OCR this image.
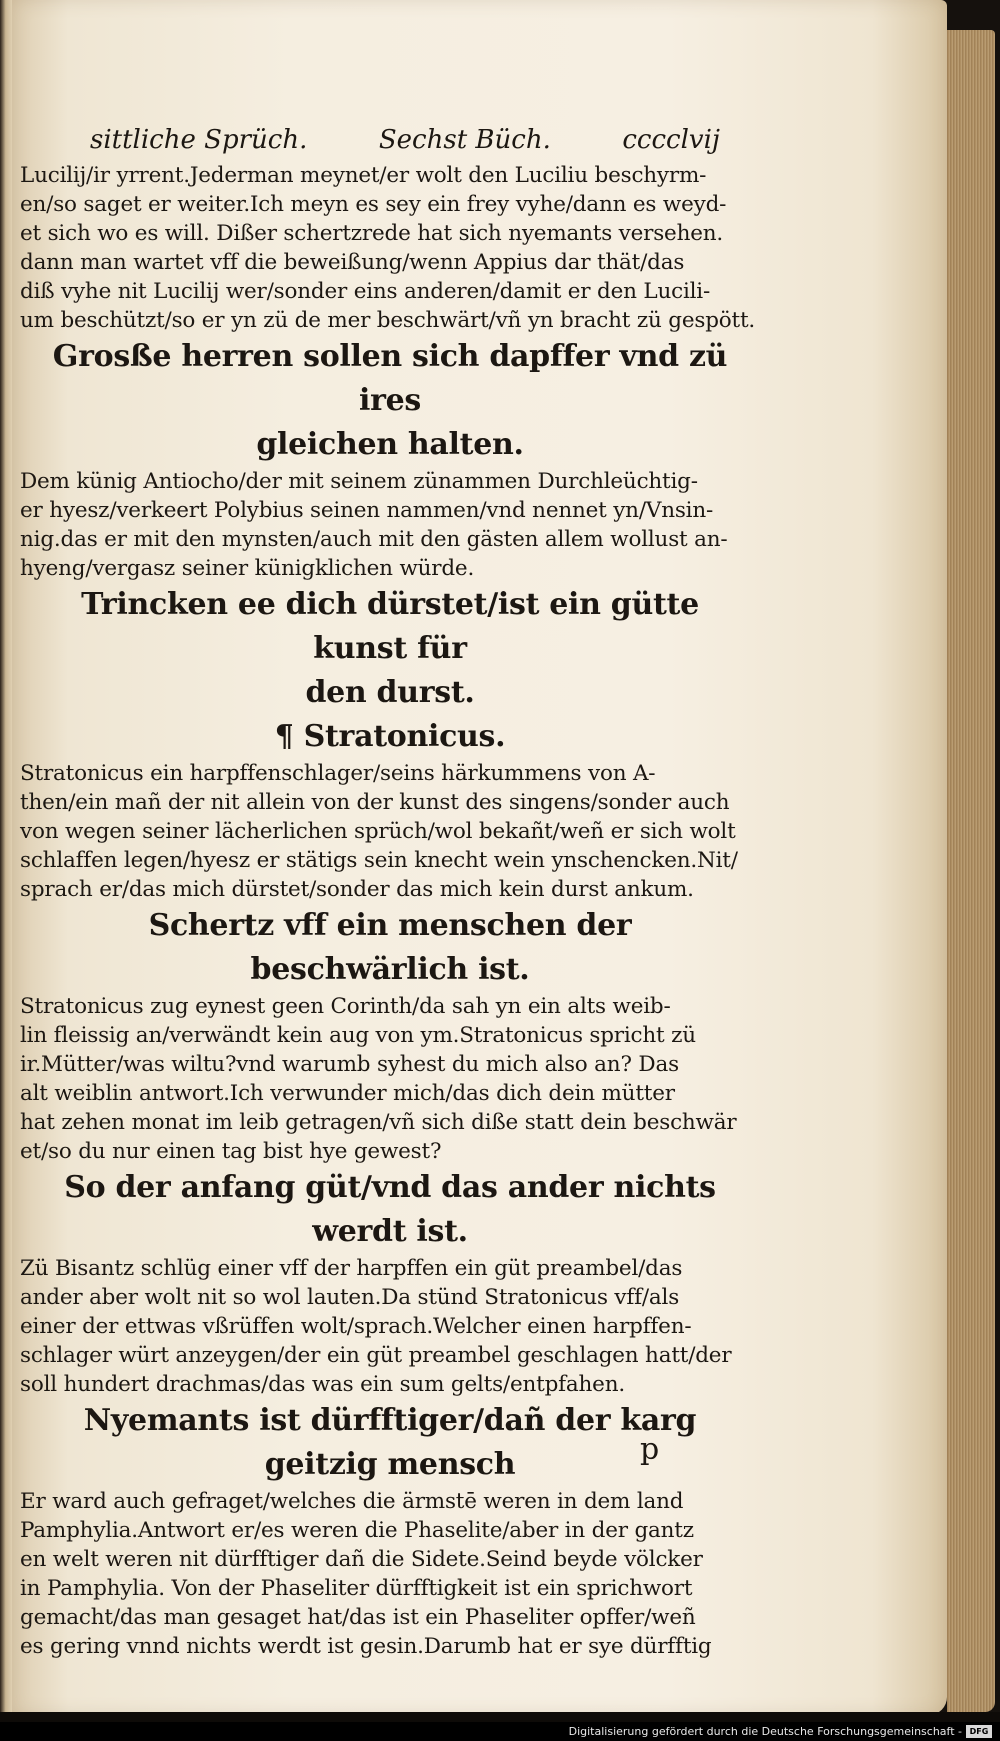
sittliche Sprüch.	Sechst Büch.	cccclvij
Lucilij/ir yrrent.Jederman meynet/er wolt den Luciliu beschyrm-
en/so saget er weiter.Ich meyn es sey ein frey vyhe/dann es weyd-
et sich wo es will. Dißer schertzrede hat sich nyemants versehen.
dann man wartet vff die beweißung/wenn Appius dar thät/das
diß vyhe nit Lucilij wer/sonder eins anderen/damit er den Lucili-
um beschützt/so er yn zü de mer beschwärt/vñ yn bracht zü gespött.
Grosße herren sollen sich dapffer vnd zü ires
gleichen halten.
Dem künig Antiocho/der mit seinem zünammen Durchleüchtig-
er hyesz/verkeert Polybius seinen nammen/vnd nennet yn/Vnsin-
nig.das er mit den mynsten/auch mit den gästen allem wollust an-
hyeng/vergasz seiner künigklichen würde.
Trincken ee dich dürstet/ist ein gütte kunst für
den durst.
¶ Stratonicus.
Stratonicus ein harpffenschlager/seins härkummens von A-
then/ein mañ der nit allein von der kunst des singens/sonder auch
von wegen seiner lächerlichen sprüch/wol bekañt/weñ er sich wolt
schlaffen legen/hyesz er stätigs sein knecht wein ynschencken.Nit/
sprach er/das mich dürstet/sonder das mich kein durst ankum.
Schertz vff ein menschen der beschwärlich ist.
Stratonicus zug eynest geen Corinth/da sah yn ein alts weib-
lin fleissig an/verwändt kein aug von ym.Stratonicus spricht zü
ir.Mütter/was wiltu?vnd warumb syhest du mich also an? Das
alt weiblin antwort.Ich verwunder mich/das dich dein mütter
hat zehen monat im leib getragen/vñ sich diße statt dein beschwär
et/so du nur einen tag bist hye gewest?
So der anfang güt/vnd das ander nichts
werdt ist.
Zü Bisantz schlüg einer vff der harpffen ein güt preambel/das
ander aber wolt nit so wol lauten.Da stünd Stratonicus vff/als
einer der ettwas vßrüffen wolt/sprach.Welcher einen harpffen-
schlager würt anzeygen/der ein güt preambel geschlagen hatt/der
soll hundert drachmas/das was ein sum gelts/entpfahen.
Nyemants ist dürfftiger/dañ der karg
geitzig mensch
Er ward auch gefraget/welches die ärmstē weren in dem land
Pamphylia.Antwort er/es weren die Phaselite/aber in der gantz
en welt weren nit dürfftiger dañ die Sidete.Seind beyde völcker
in Pamphylia. Von der Phaseliter dürfftigkeit ist ein sprichwort
gemacht/das man gesaget hat/das ist ein Phaseliter opffer/weñ
es gering vnnd nichts werdt ist gesin.Darumb hat er sye dürfftig
p
Digitalisierung gefördert durch die Deutsche Forschungsgemeinschaft - DFG
